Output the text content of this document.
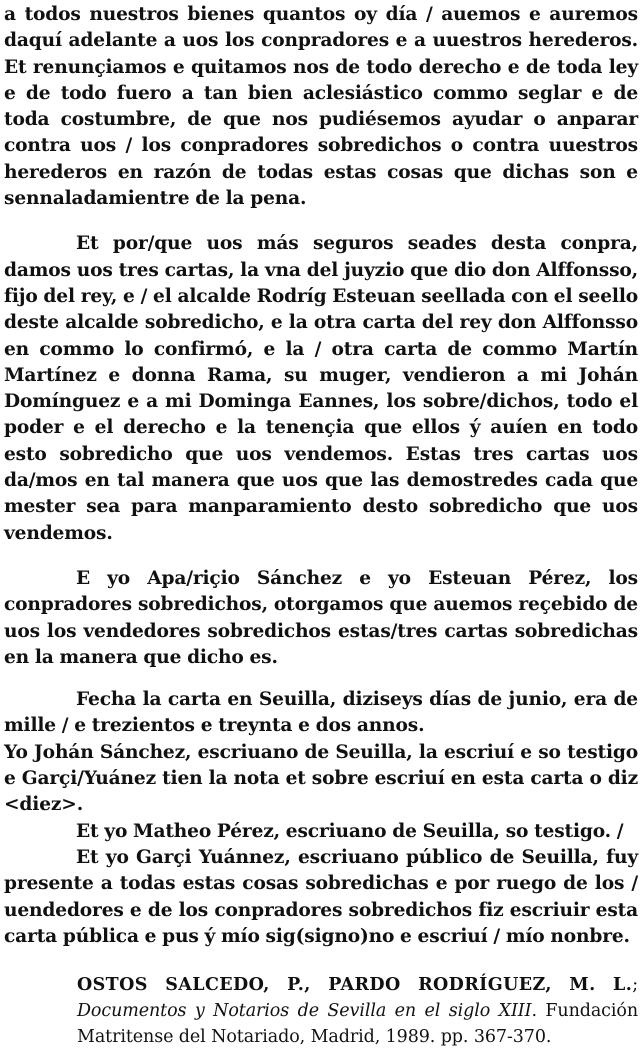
a todos nuestros bienes quantos oy día / auemos e auremos daquí adelante a uos los conpradores e a uuestros herederos. Et renunçiamos e quitamos nos de todo derecho e de toda ley e de todo fuero a tan bien aclesiástico commo seglar e de toda costumbre, de que nos pudiésemos ayudar o anparar contra uos / los conpradores sobredichos o contra uuestros herederos en razón de todas estas cosas que dichas son e sennaladamientre de la pena.

Et por/que uos más seguros seades desta conpra, damos uos tres cartas, la vna del juyzio que dio don Alffonsso, fijo del rey, e / el alcalde Rodríg Esteuan seellada con el seello deste alcalde sobredicho, e la otra carta del rey don Alffonsso en commo lo confirmó, e la / otra carta de commo Martín Martínez e donna Rama, su muger, vendieron a mi Johán Domínguez e a mi Dominga Eannes, los sobre/dichos, todo el poder e el derecho e la tenençia que ellos ý auíen en todo esto sobredicho que uos vendemos. Estas tres cartas uos da/mos en tal manera que uos que las demostredes cada que mester sea para manparamiento desto sobredicho que uos vendemos.

E yo Apa/riçio Sánchez e yo Esteuan Pérez, los conpradores sobredichos, otorgamos que auemos reçebido de uos los vendedores sobredichos estas/tres cartas sobredichas en la manera que dicho es.

Fecha la carta en Seuilla, diziseys días de junio, era de mille / e trezientos e treynta e dos annos.

Yo Johán Sánchez, escriuano de Seuilla, la escriuí e so testigo e Garçi/Yuánez tien la nota et sobre escriuí en esta carta o diz <diez>.

Et yo Matheo Pérez, escriuano de Seuilla, so testigo. /

Et yo Garçi Yuánnez, escriuano público de Seuilla, fuy presente a todas estas cosas sobredichas e por ruego de los / uendedores e de los conpradores sobredichos fiz escriuir esta carta pública e pus ý mío sig(signo)no e escriuí / mío nonbre.

OSTOS SALCEDO, P., PARDO RODRÍGUEZ, M. L.; Documentos y Notarios de Sevilla en el siglo XIII. Fundación Matritense del Notariado, Madrid, 1989. pp. 367-370.
